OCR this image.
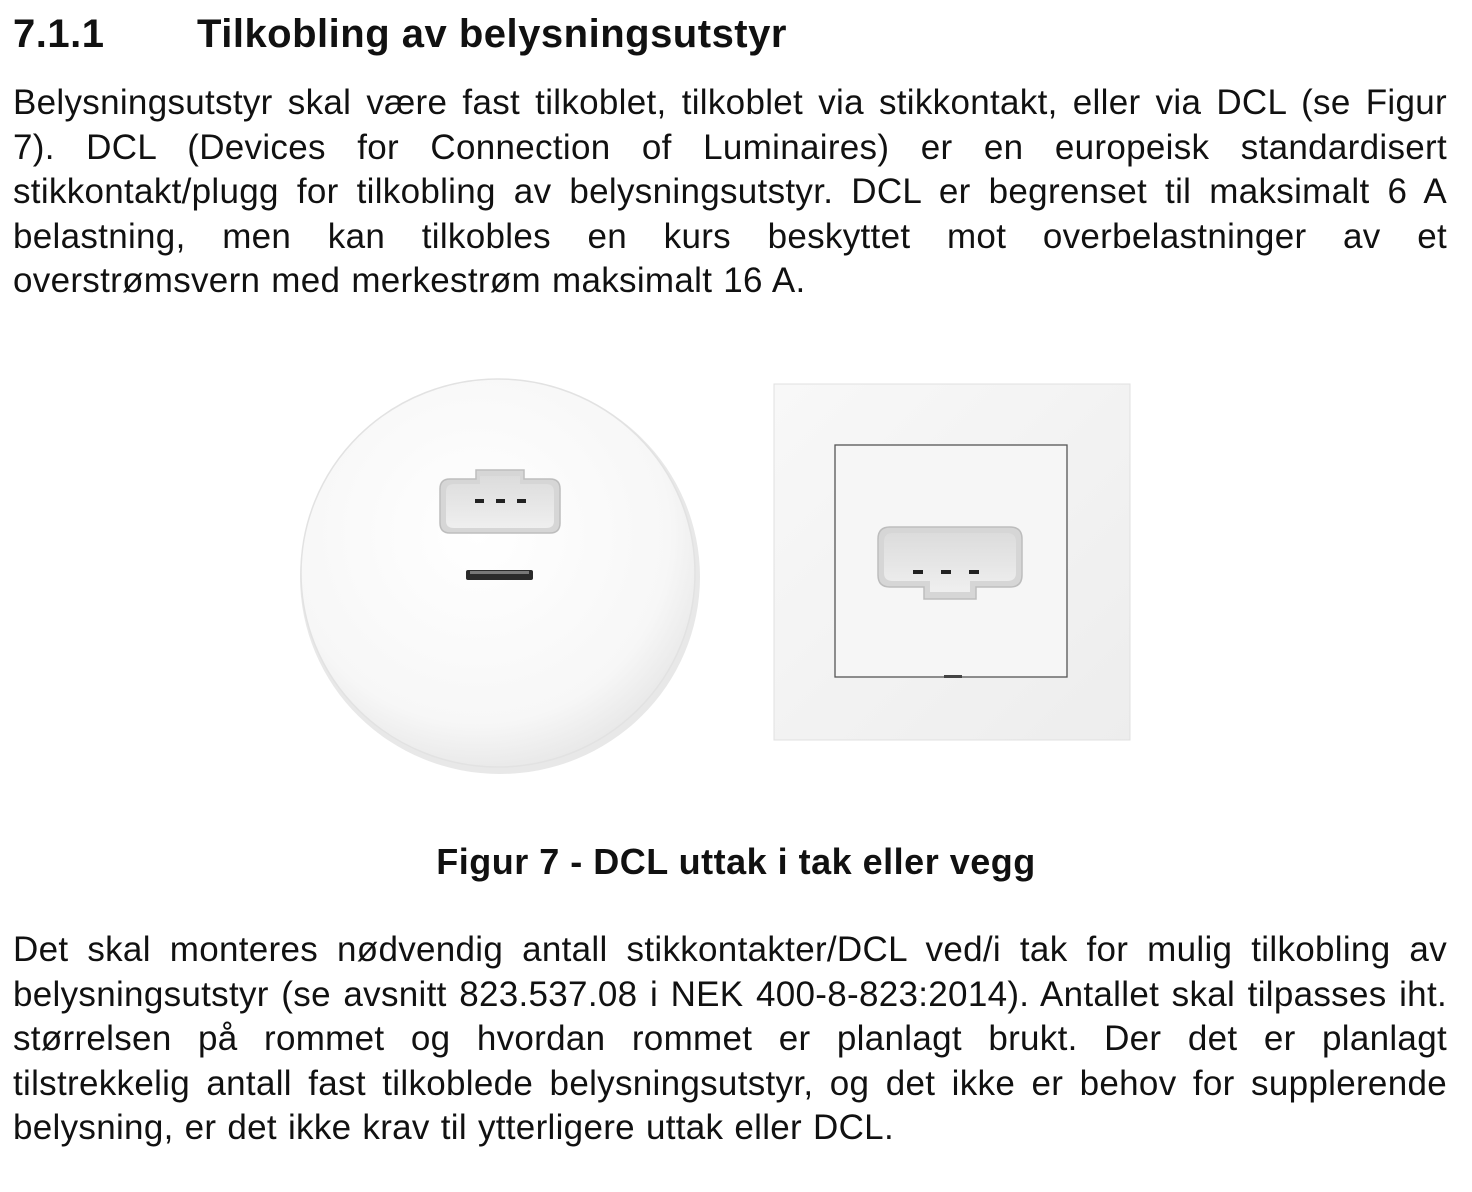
7.1.1 Tilkobling av belysningsutstyr

Belysningsutstyr skal være fast tilkoblet, tilkoblet via stikkontakt, eller via DCL (se Figur 7). DCL (Devices for Connection of Luminaires) er en europeisk standardisert stikkontakt/plugg for tilkobling av belysningsutstyr. DCL er begrenset til maksimalt 6 A belastning, men kan tilkobles en kurs beskyttet mot overbelastninger av et overstrømsvern med merkestrøm maksimalt 16 A.

Figur 7 - DCL uttak i tak eller vegg

Det skal monteres nødvendig antall stikkontakter/DCL ved/i tak for mulig tilkobling av belysningsutstyr (se avsnitt 823.537.08 i NEK 400-8-823:2014). Antallet skal tilpasses iht. størrelsen på rommet og hvordan rommet er planlagt brukt. Der det er planlagt tilstrekkelig antall fast tilkoblede belysningsutstyr, og det ikke er behov for supplerende belysning, er det ikke krav til ytterligere uttak eller DCL.
